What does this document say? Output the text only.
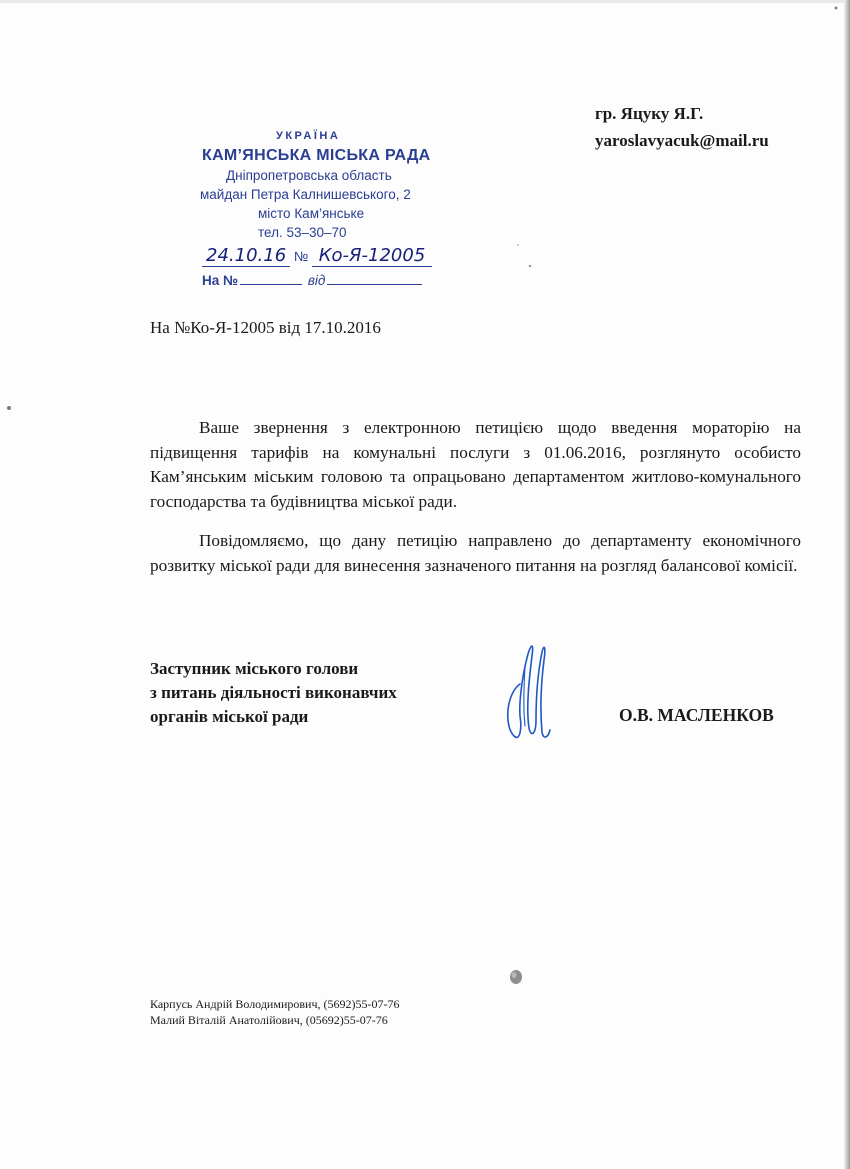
гр. Яцуку Я.Г.
yaroslavyacuk@mail.ru
УКРАЇНА
КАМ’ЯНСЬКА МІСЬКА РАДА
Дніпропетровська область
майдан Петра Калнишевського, 2
місто Кам’янське
тел. 53–30–70
24.10.16 № Ко-Я-12005
На №	від
На №Ко-Я-12005 від 17.10.2016

Ваше звернення з електронною петицією щодо введення мораторію на підвищення тарифів на комунальні послуги з 01.06.2016, розглянуто особисто Кам’янським міським головою та опрацьовано департаментом житлово-комунального господарства та будівництва міської ради.

Повідомляємо, що дану петицію направлено до департаменту економічного розвитку міської ради для винесення зазначеного питання на розгляд балансової комісії.

Заступник міського голови
з питань діяльності виконавчих
органів міської ради	О.В. МАСЛЕНКОВ
Карпусь Андрій Володимирович, (5692)55-07-76
Малий Віталій Анатолійович, (05692)55-07-76
